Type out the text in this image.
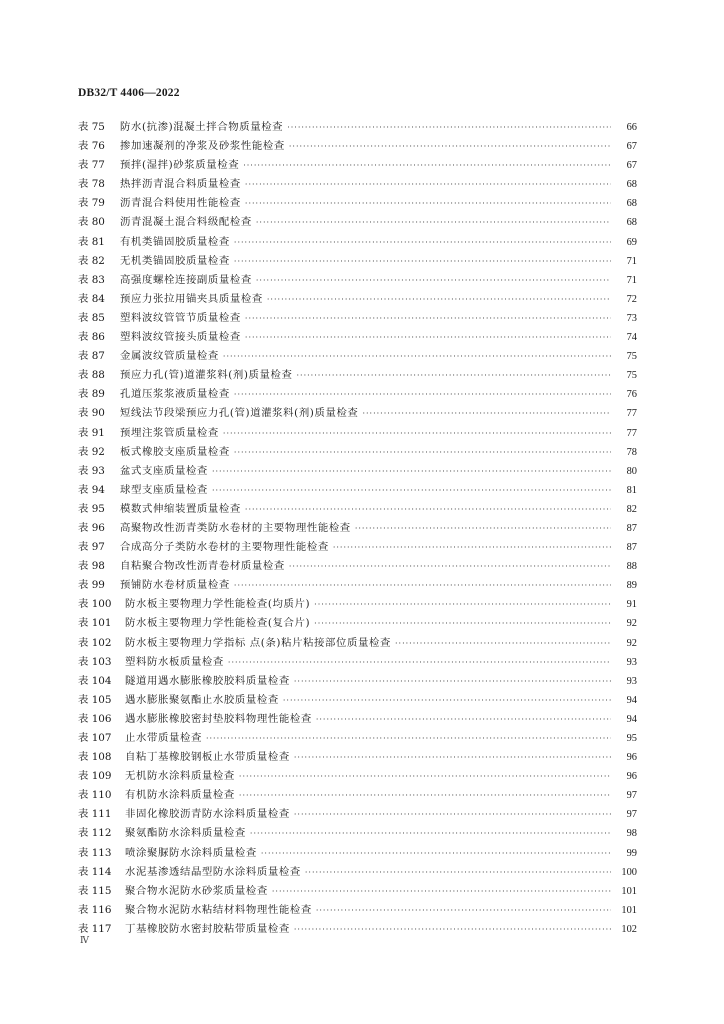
DB32/T 4406—2022
表 75	防水(抗渗)混凝土拌合物质量检查 ·····	66
表 76	掺加速凝剂的净浆及砂浆性能检查 ·····	67
表 77	预拌(湿拌)砂浆质量检查 ·····	67
表 78	热拌沥青混合料质量检查 ·····	68
表 79	沥青混合料使用性能检查 ·····	68
表 80	沥青混凝土混合料级配检查 ·····	68
表 81	有机类锚固胶质量检查 ·····	69
表 82	无机类锚固胶质量检查 ·····	71
表 83	高强度螺栓连接副质量检查 ·····	71
表 84	预应力张拉用锚夹具质量检查 ·····	72
表 85	塑料波纹管管节质量检查 ·····	73
表 86	塑料波纹管接头质量检查 ·····	74
表 87	金属波纹管质量检查 ·····	75
表 88	预应力孔(管)道灌浆料(剂)质量检查 ·····	75
表 89	孔道压浆浆液质量检查 ·····	76
表 90	短线法节段梁预应力孔(管)道灌浆料(剂)质量检查 ·····	77
表 91	预埋注浆管质量检查 ·····	77
表 92	板式橡胶支座质量检查 ·····	78
表 93	盆式支座质量检查 ·····	80
表 94	球型支座质量检查 ·····	81
表 95	模数式伸缩装置质量检查 ·····	82
表 96	高聚物改性沥青类防水卷材的主要物理性能检查 ·····	87
表 97	合成高分子类防水卷材的主要物理性能检查 ·····	87
表 98	自粘聚合物改性沥青卷材质量检查 ·····	88
表 99	预铺防水卷材质量检查 ·····	89
表 100	防水板主要物理力学性能检查(均质片) ·····	91
表 101	防水板主要物理力学性能检查(复合片) ·····	92
表 102	防水板主要物理力学指标 点(条)粘片粘接部位质量检查 ·····	92
表 103	塑料防水板质量检查 ·····	93
表 104	隧道用遇水膨胀橡胶胶料质量检查 ·····	93
表 105	遇水膨胀聚氨酯止水胶质量检查 ·····	94
表 106	遇水膨胀橡胶密封垫胶料物理性能检查 ·····	94
表 107	止水带质量检查 ·····	95
表 108	自粘丁基橡胶钢板止水带质量检查 ·····	96
表 109	无机防水涂料质量检查 ·····	96
表 110	有机防水涂料质量检查 ·····	97
表 111	非固化橡胶沥青防水涂料质量检查 ·····	97
表 112	聚氨酯防水涂料质量检查 ·····	98
表 113	喷涂聚脲防水涂料质量检查 ·····	99
表 114	水泥基渗透结晶型防水涂料质量检查 ·····	100
表 115	聚合物水泥防水砂浆质量检查 ·····	101
表 116	聚合物水泥防水粘结材料物理性能检查 ·····	101
表 117	丁基橡胶防水密封胶粘带质量检查 ·····	102
Ⅳ
